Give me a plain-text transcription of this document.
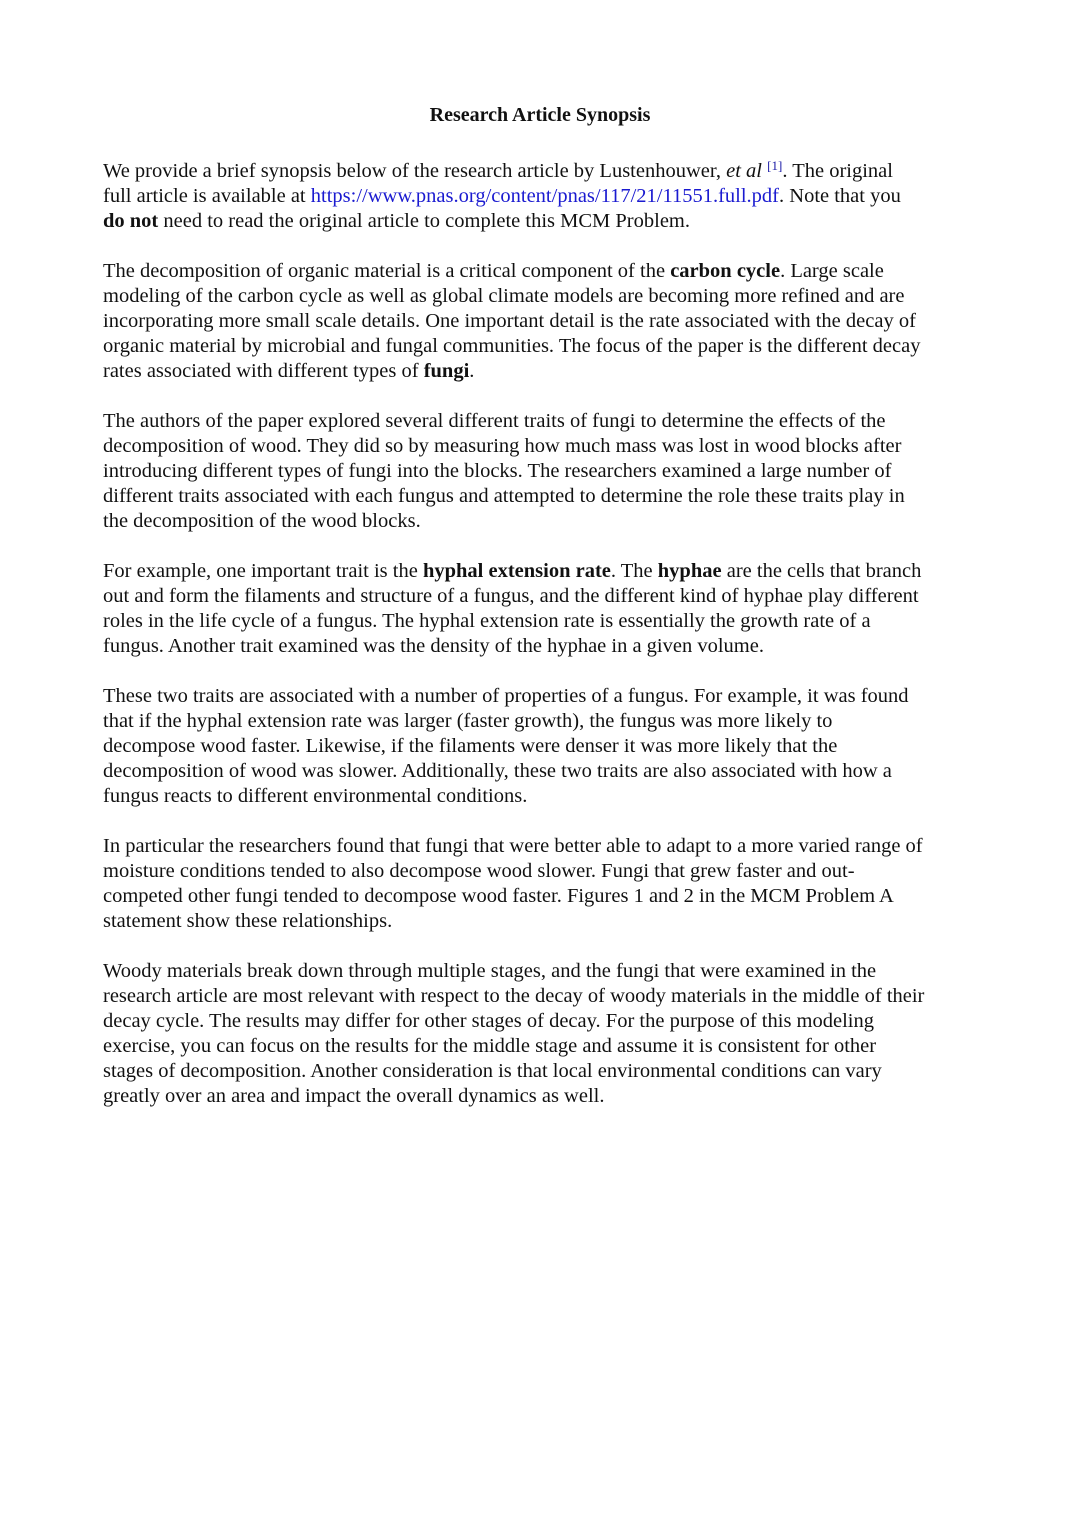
Research Article Synopsis
We provide a brief synopsis below of the research article by Lustenhouwer, et al [1]. The original
full article is available at https://www.pnas.org/content/pnas/117/21/11551.full.pdf. Note that you
do not need to read the original article to complete this MCM Problem.
The decomposition of organic material is a critical component of the carbon cycle. Large scale
modeling of the carbon cycle as well as global climate models are becoming more refined and are
incorporating more small scale details. One important detail is the rate associated with the decay of
organic material by microbial and fungal communities. The focus of the paper is the different decay
rates associated with different types of fungi.
The authors of the paper explored several different traits of fungi to determine the effects of the
decomposition of wood. They did so by measuring how much mass was lost in wood blocks after
introducing different types of fungi into the blocks. The researchers examined a large number of
different traits associated with each fungus and attempted to determine the role these traits play in
the decomposition of the wood blocks.
For example, one important trait is the hyphal extension rate. The hyphae are the cells that branch
out and form the filaments and structure of a fungus, and the different kind of hyphae play different
roles in the life cycle of a fungus. The hyphal extension rate is essentially the growth rate of a
fungus. Another trait examined was the density of the hyphae in a given volume.
These two traits are associated with a number of properties of a fungus. For example, it was found
that if the hyphal extension rate was larger (faster growth), the fungus was more likely to
decompose wood faster. Likewise, if the filaments were denser it was more likely that the
decomposition of wood was slower. Additionally, these two traits are also associated with how a
fungus reacts to different environmental conditions.
In particular the researchers found that fungi that were better able to adapt to a more varied range of
moisture conditions tended to also decompose wood slower. Fungi that grew faster and out-
competed other fungi tended to decompose wood faster. Figures 1 and 2 in the MCM Problem A
statement show these relationships.
Woody materials break down through multiple stages, and the fungi that were examined in the
research article are most relevant with respect to the decay of woody materials in the middle of their
decay cycle. The results may differ for other stages of decay. For the purpose of this modeling
exercise, you can focus on the results for the middle stage and assume it is consistent for other
stages of decomposition. Another consideration is that local environmental conditions can vary
greatly over an area and impact the overall dynamics as well.
